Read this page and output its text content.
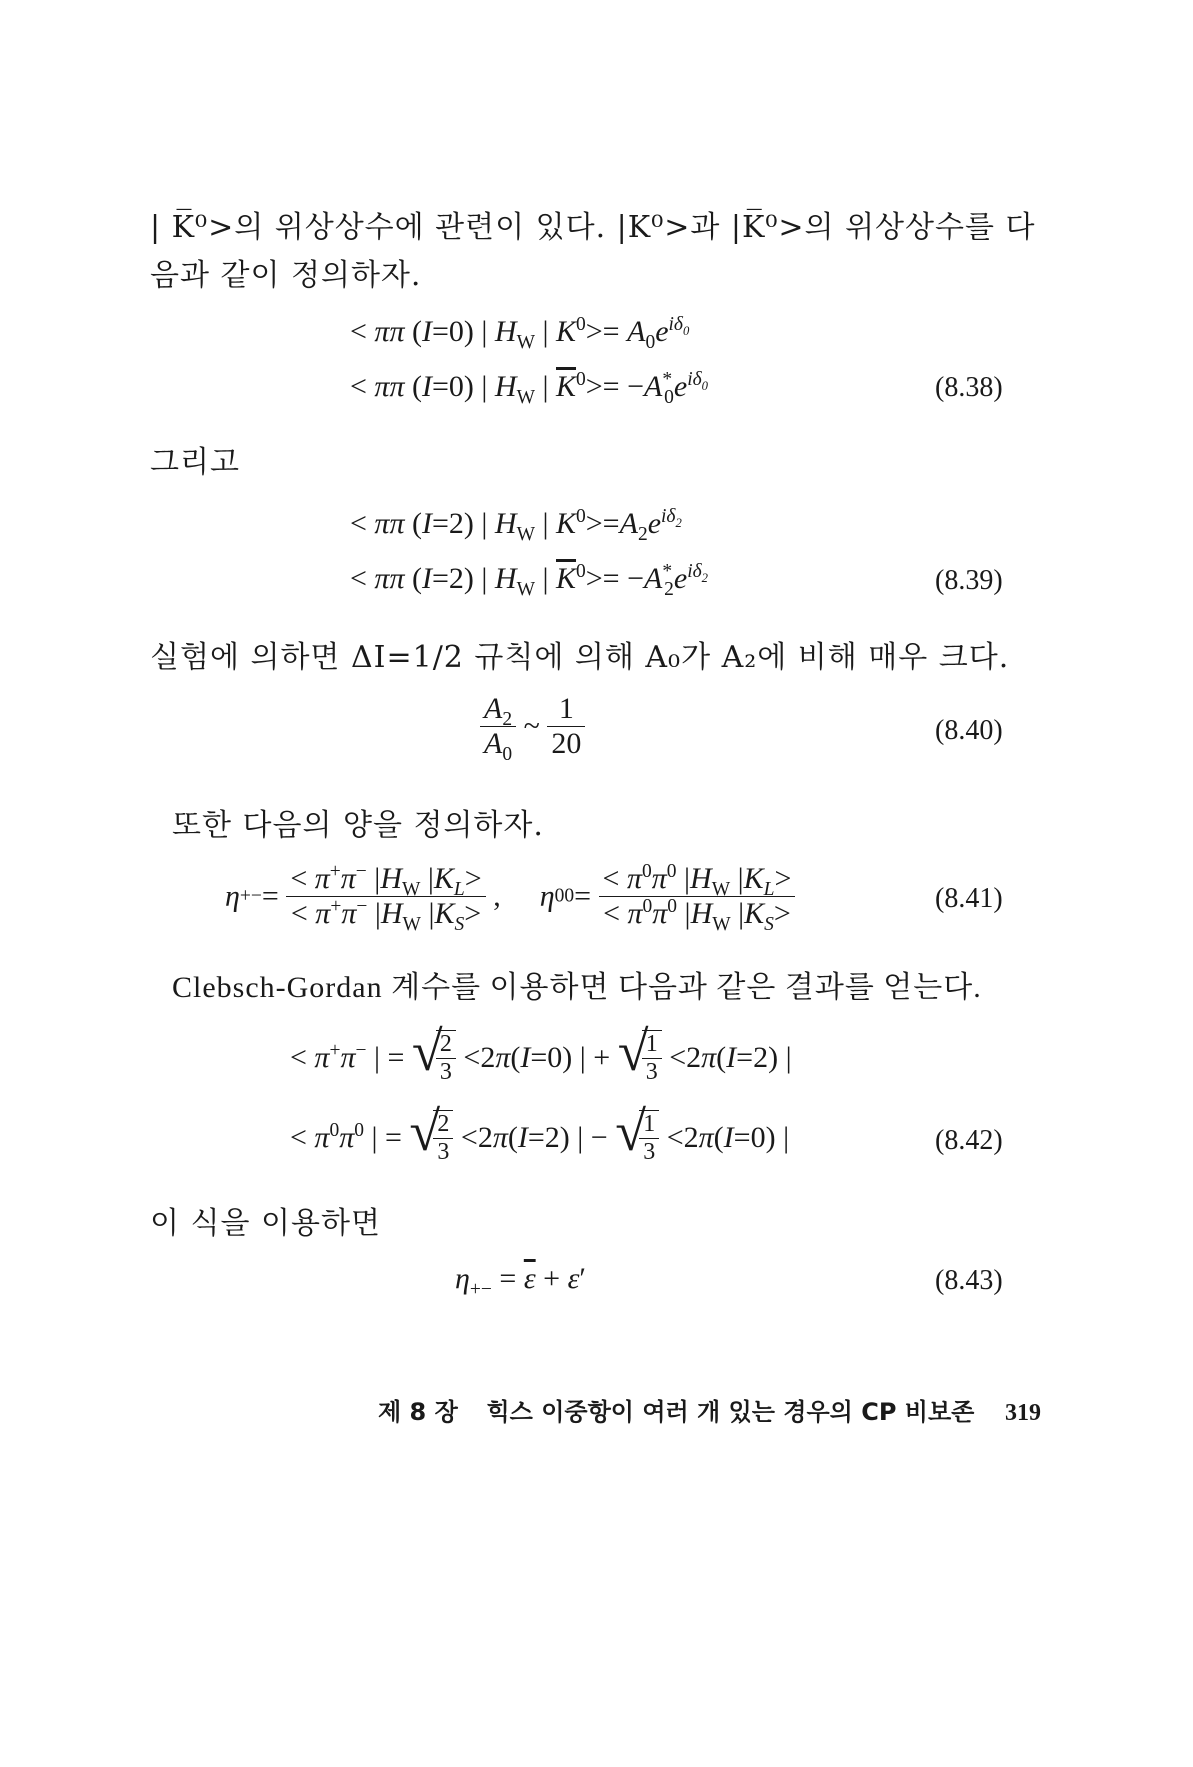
| K̅⁰>의 위상상수에 관련이 있다. |K⁰>과 |K̅⁰>의 위상상수를 다
음과 같이 정의하자.
< ππ (I=0) | $H_W$ | $K^0>= A_0e^{i\delta_0}$
< ππ (I=0) | $H_W$ | $\overline{K}^0>= -A^*_0e^{i\delta_0}$	(8.38)
그리고
< ππ (I=2) | $H_W$ | $K^0>=A_2e^{i\delta_2}$
< ππ (I=2) | $H_W$ | $\overline{K}^0>= -A^*_2e^{i\delta_2}$	(8.39)
실험에 의하면 ΔI=1/2 규칙에 의해 A₀가 A₂에 비해 매우 크다.
$\frac{A_2}{A_0}$ ~ $\frac{1}{20}$	(8.40)
또한 다음의 양을 정의하자.
$\eta+-= \frac{< \pi^+\pi^- |H_W |K_L>}{< \pi^+\pi^- |H_W |K_S>}$ , $\eta 00= \frac{< \pi^0\pi^0 |H_W |K_L>}{< \pi^0\pi^0 |H_W |K_S>}$	(8.41)
Clebsch-Gordan 계수를 이용하면 다음과 같은 결과를 얻는다.
< π+π− | = √
$\frac{2}{3} <2\pi(I=0)$ | + √
$\frac{1}{3} <2\pi(I=2)$ |
< $\pi^0\pi^0$ | = √
$\frac{2}{3} <2\pi(I=2)$ | − √
$\frac{1}{3} <2\pi(I=0)$ |	(8.42)
이 식을 이용하면
$\eta_{+-} = \overline{\varepsilon} + \varepsilon'$	(8.43)
제 8 장 힉스 이중항이 여러 개 있는 경우의 CP 비보존 319
